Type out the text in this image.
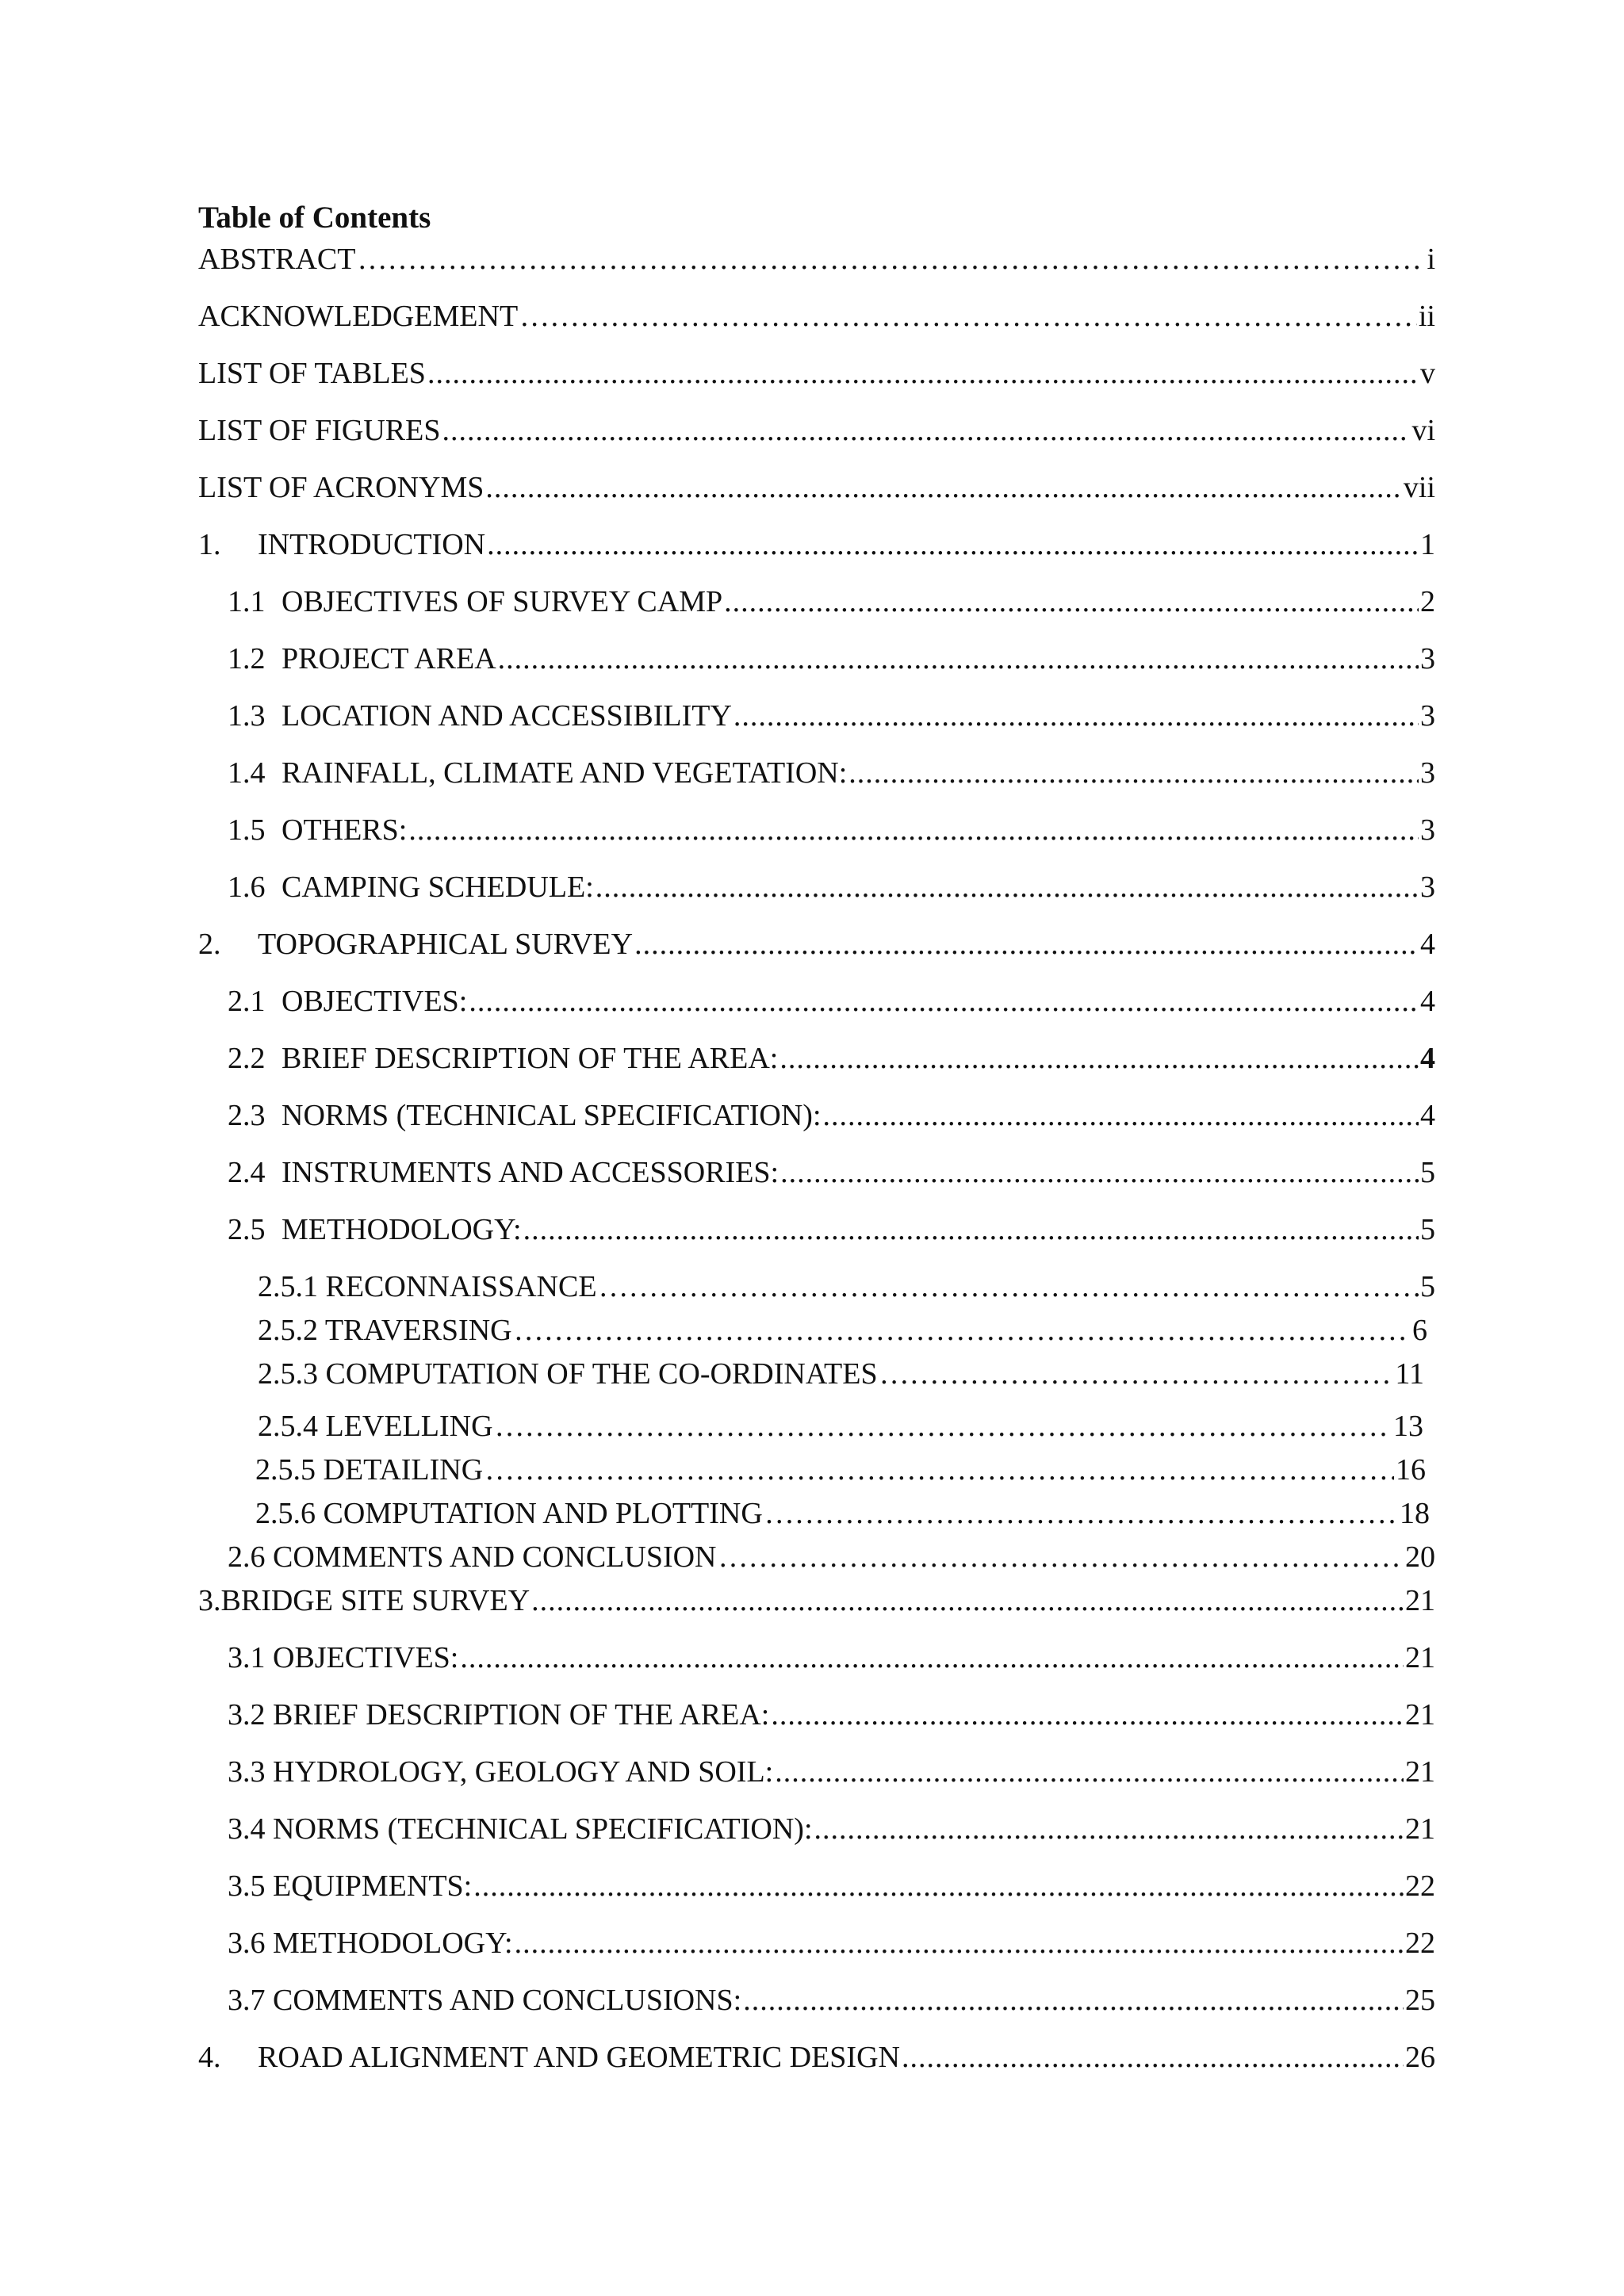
Table of Contents
ABSTRACT …………………………………………………………………………………………………………………………………………………………………………………………………………………………………………………………………………………………………………	i
ACKNOWLEDGEMENT …………………………………………………………………………………………………………………………………………………………………………………………………………………………………………………………………………………………………………	ii
LIST OF TABLES .....	v
LIST OF FIGURES .....	vi
LIST OF ACRONYMS .....	vii
1. INTRODUCTION .....	1
1.1 OBJECTIVES OF SURVEY CAMP .....	2
1.2 PROJECT AREA .....	3
1.3 LOCATION AND ACCESSIBILITY .....	3
1.4 RAINFALL, CLIMATE AND VEGETATION: .....	3
1.5 OTHERS: .....	3
1.6 CAMPING SCHEDULE: .....	3
2. TOPOGRAPHICAL SURVEY .....	4
2.1 OBJECTIVES: .....	4
2.2 BRIEF DESCRIPTION OF THE AREA: .....	4
2.3 NORMS (TECHNICAL SPECIFICATION): .....	4
2.4 INSTRUMENTS AND ACCESSORIES: .....	5
2.5 METHODOLOGY: .....	5
2.5.1 RECONNAISSANCE …………………………………………………………………………………………………………………………………………………………………………………………………………………………………………………………………………………………………………	5
2.5.2 TRAVERSING …………………………………………………………………………………………………………………………………………………………………………………………………………………………………………………………………………………………………………	6
2.5.3 COMPUTATION OF THE CO-ORDINATES …………………………………………………………………………………………………………………………………………………………………………………………………………………………………………………………………………………………………………	11
2.5.4 LEVELLING …………………………………………………………………………………………………………………………………………………………………………………………………………………………………………………………………………………………………………	13
2.5.5 DETAILING …………………………………………………………………………………………………………………………………………………………………………………………………………………………………………………………………………………………………………	16
2.5.6 COMPUTATION AND PLOTTING …………………………………………………………………………………………………………………………………………………………………………………………………………………………………………………………………………………………………………	18
2.6 COMMENTS AND CONCLUSION …………………………………………………………………………………………………………………………………………………………………………………………………………………………………………………………………………………………………………	20
3.BRIDGE SITE SURVEY .....	21
3.1 OBJECTIVES: .....	21
3.2 BRIEF DESCRIPTION OF THE AREA: .....	21
3.3 HYDROLOGY, GEOLOGY AND SOIL: .....	21
3.4 NORMS (TECHNICAL SPECIFICATION): .....	21
3.5 EQUIPMENTS: .....	22
3.6 METHODOLOGY: .....	22
3.7 COMMENTS AND CONCLUSIONS: .....	25
4. ROAD ALIGNMENT AND GEOMETRIC DESIGN .....	26
